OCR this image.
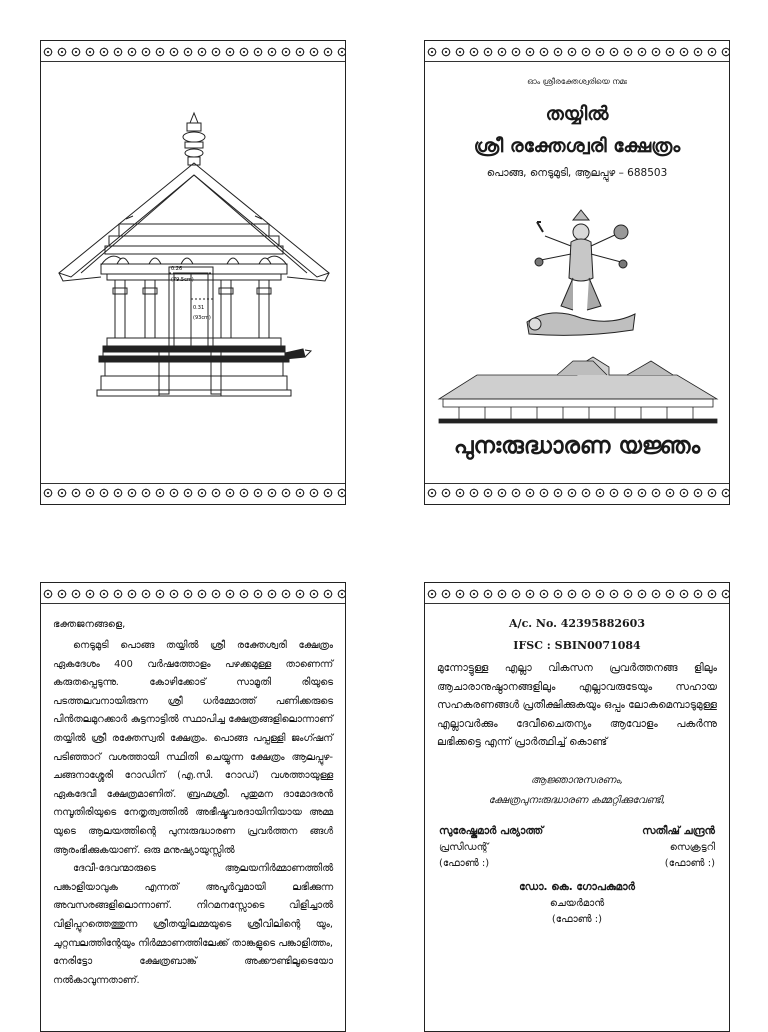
0.26
(79.5cm)
0.31
(93cm)
ഓം ശ്രീരക്തേശ്വരിയെ നമഃ
തയ്യിൽ
ശ്രീ രക്തേശ്വരി ക്ഷേത്രം
പൊങ്ങ, നെടുമുടി, ആലപ്പുഴ – 688503
പുനഃരുദ്ധാരണ യജ്ഞം
ഭക്തജനങ്ങളെ,

നെടുമുടി പൊങ്ങ തയ്യിൽ ശ്രീ രക്തേശ്വരി ക്ഷേത്രം ഏകദേശം 400 വർഷത്തോളം പഴക്കമുള്ള താണെന്ന് കരുതപ്പെടുന്നു. കോഴിക്കോട് സാമൂതി രിയുടെ പടത്തലവനായിരുന്ന ശ്രീ ധർമ്മോത്ത് പണിക്കരുടെ പിൻതലമുറക്കാർ കുട്ടനാട്ടിൽ സ്ഥാപിച്ച ക്ഷേത്രങ്ങളിലൊന്നാണ് തയ്യിൽ ശ്രീ രക്തേസ്വരി ക്ഷേത്രം. പൊങ്ങ പപ്പള്ളി ജംഗ്ഷന് പടിഞ്ഞാറ് വശത്തായി സ്ഥിതി ചെയ്യുന്ന ക്ഷേത്രം ആലപ്പുഴ-ചങ്ങനാശ്ശേരി റോഡിന് (എ.സി. റോഡ്) വശത്തായുള്ള ഏകദേവീ ക്ഷേത്രമാണിത്. ബ്രഹ്മശ്രീ. പുതുമന ദാമോദരൻ നമ്പൂതിരിയുടെ നേതൃത്വത്തിൽ അഭീഷ്ടവരദായിനിയായ അമ്മ യുടെ ആലയത്തിന്റെ പുനഃരുദ്ധാരണ പ്രവർത്തന ങ്ങൾ ആരംഭിക്കുകയാണ്. ഒരു മനുഷ്യായുസ്സിൽ

ദേവീ-ദേവന്മാരുടെ ആലയനിർമ്മാണത്തിൽ പങ്കാളിയാവുക എന്നത് അപൂർവ്വമായി ലഭിക്കുന്ന അവസരങ്ങളിലൊന്നാണ്. നിറമനസ്സോടെ വിളിച്ചാൽ വിളിപ്പുറത്തെത്തുന്ന ശ്രീതയ്യിലമ്മയുടെ ശ്രീവിലിന്റെ യും, ചുറ്റമ്പലത്തിന്റേയും നിർമ്മാണത്തിലേക്ക് താങ്കളുടെ പങ്കാളിത്തം, നേരിട്ടോ ക്ഷേത്രബാങ്ക് അക്കൗണ്ടിലൂടെയോ നൽകാവുന്നതാണ്.

A/c. No. 42395882603
IFSC : SBIN0071084
മുന്നോട്ടുള്ള എല്ലാ വികസന പ്രവർത്തനങ്ങ ളിലും ആചാരാനുഷ്ഠാനങ്ങളിലും എല്ലാവരുടേയും സഹായ സഹകരണങ്ങൾ പ്രതീക്ഷിക്കുകയും ഒപ്പം ലോകമെമ്പാടുമുള്ള എല്ലാവർക്കും ദേവീചൈതന്യം ആവോളം പകർന്നു ലഭിക്കട്ടെ എന്ന് പ്രാർത്ഥിച്ച് കൊണ്ട്
ആജ്ഞാനുസരണം,
ക്ഷേത്രപുനഃരുദ്ധാരണ കമ്മറ്റിക്കുവേണ്ടി,
സുരേഷ്കുമാർ പര്യാത്ത്
പ്രസിഡന്റ്
(ഫോൺ :)
സതീഷ് ചന്ദ്രൻ
സെക്രട്ടറി
(ഫോൺ :)
ഡോ. കെ. ഗോപകുമാർ
ചെയർമാൻ
(ഫോൺ :)
